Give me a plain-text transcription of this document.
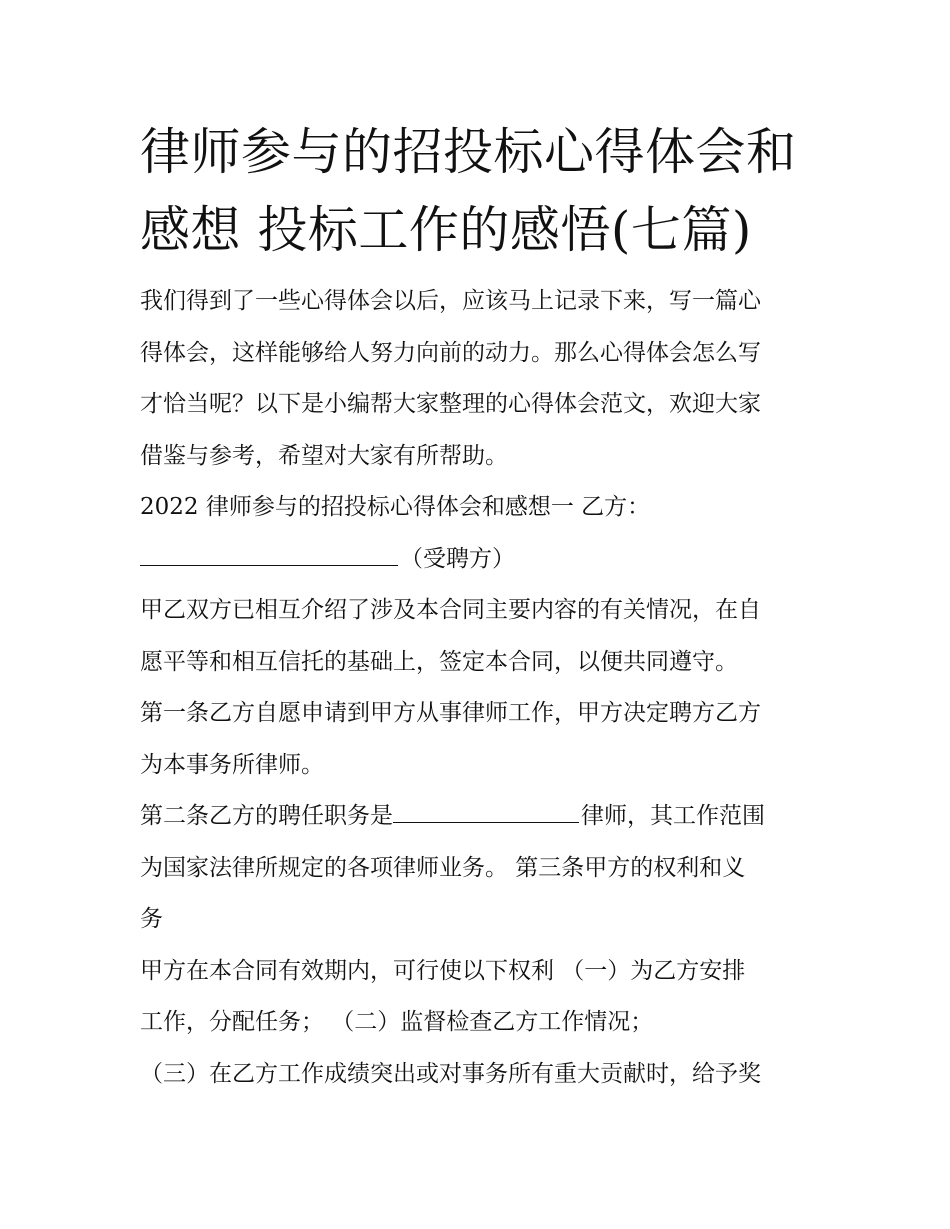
律师参与的招投标心得体会和
感想 投标工作的感悟(七篇)
我们得到了一些心得体会以后，应该马上记录下来，写一篇心
得体会，这样能够给人努力向前的动力。那么心得体会怎么写
才恰当呢？以下是小编帮大家整理的心得体会范文，欢迎大家
借鉴与参考，希望对大家有所帮助。
2022 律师参与的招投标心得体会和感想一 乙方：
（受聘方）
甲乙双方已相互介绍了涉及本合同主要内容的有关情况，在自
愿平等和相互信托的基础上，签定本合同，以便共同遵守。
第一条乙方自愿申请到甲方从事律师工作，甲方决定聘方乙方
为本事务所律师。
第二条乙方的聘任职务是	律师，其工作范围
为国家法律所规定的各项律师业务。 第三条甲方的权利和义
务
甲方在本合同有效期内，可行使以下权利 （一）为乙方安排
工作，分配任务； （二）监督检查乙方工作情况；
（三）在乙方工作成绩突出或对事务所有重大贡献时，给予奖
